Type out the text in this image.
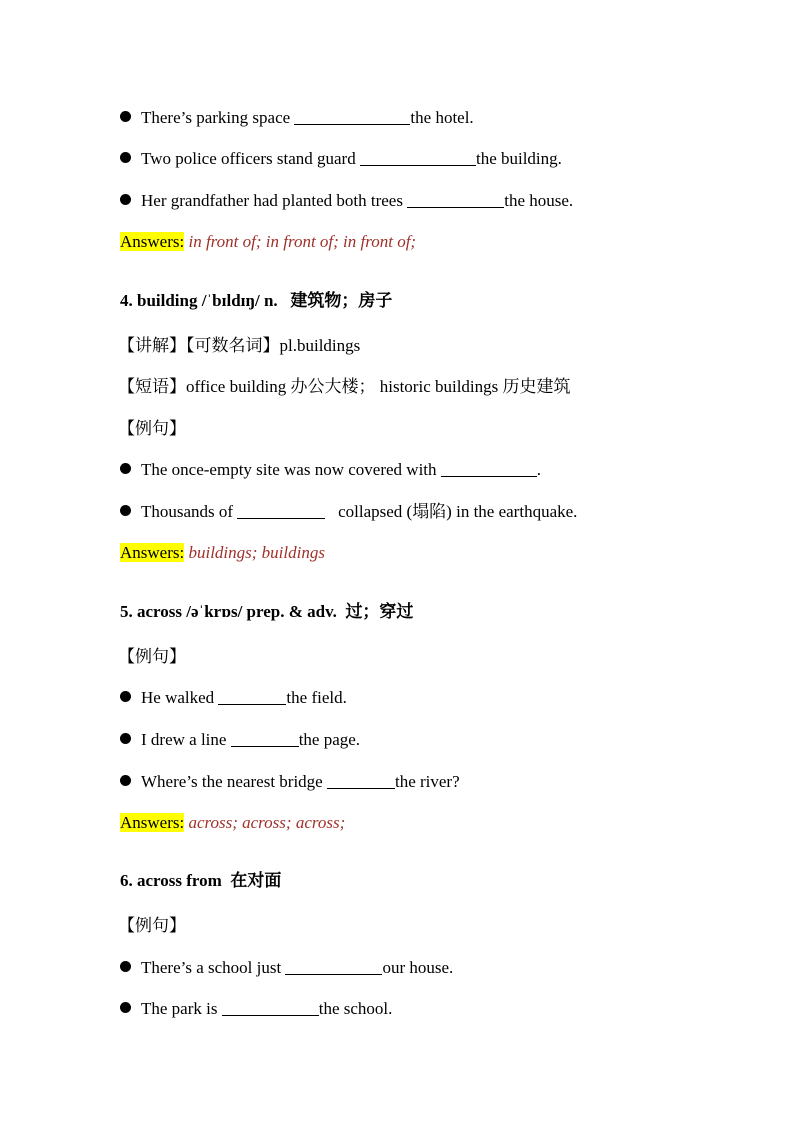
There’s parking space	the hotel.
Two police officers stand guard	the building.
Her grandfather had planted both trees	the house.
Answers: in front of; in front of; in front of;
4. building /ˈbɪldɪŋ/ n. 建筑物；房子
【讲解】【可数名词】pl.buildings
【短语】office building 办公大楼； historic buildings 历史建筑
【例句】
The once-empty site was now covered with	.
Thousands of	collapsed (塌陷) in the earthquake.
Answers: buildings; buildings
5. across /əˈkrɒs/ prep. & adv. 过；穿过
【例句】
He walked	the field.
I drew a line	the page.
Where’s the nearest bridge	the river?
Answers: across; across; across;
6. across from 在对面
【例句】
There’s a school just	our house.
The park is	the school.
